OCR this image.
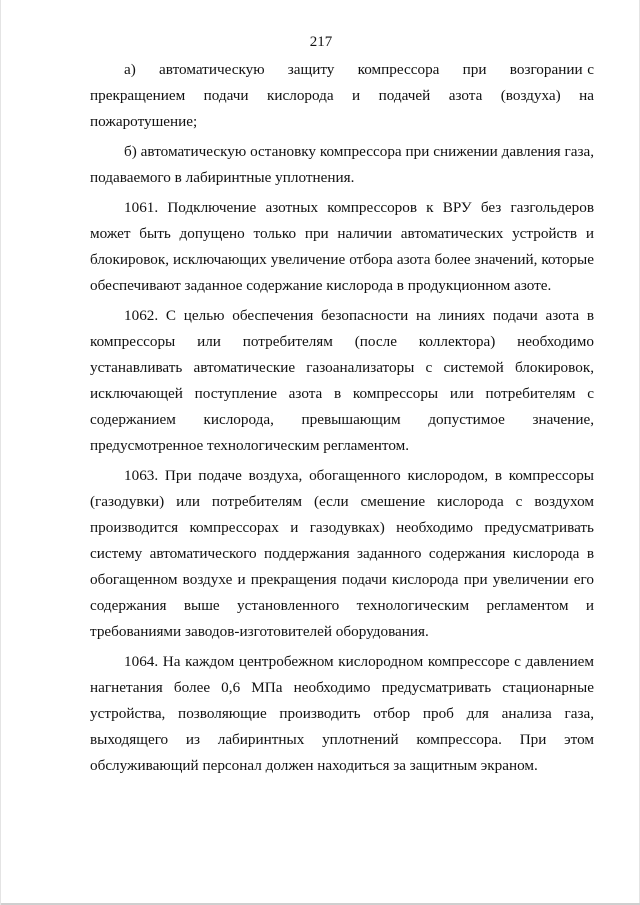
217

а)     автоматическую     защиту     компрессора     при     возгорании с прекращением подачи кислорода и подачей азота (воздуха) на пожаротушение;

б) автоматическую остановку компрессора при снижении давления газа, подаваемого в лабиринтные уплотнения.

1061. Подключение азотных компрессоров к ВРУ без газгольдеров может быть допущено только при наличии автоматических устройств и блокировок, исключающих увеличение отбора азота более значений, которые обеспечивают заданное содержание кислорода в продукционном азоте.

1062. С целью обеспечения безопасности на линиях подачи азота в компрессоры или потребителям (после коллектора) необходимо устанавливать автоматические газоанализаторы с системой блокировок, исключающей поступление азота в компрессоры или потребителям с содержанием кислорода, превышающим допустимое значение, предусмотренное технологическим регламентом.

1063. При подаче воздуха, обогащенного кислородом, в компрессоры (газодувки) или потребителям (если смешение кислорода с воздухом производится компрессорах и газодувках) необходимо предусматривать систему автоматического поддержания заданного содержания кислорода в обогащенном воздухе и прекращения подачи кислорода при увеличении его содержания выше установленного технологическим регламентом и требованиями заводов-изготовителей оборудования.

1064. На каждом центробежном кислородном компрессоре с давлением нагнетания более 0,6 МПа необходимо предусматривать стационарные устройства, позволяющие производить отбор проб для анализа газа, выходящего из лабиринтных уплотнений компрессора. При этом обслуживающий персонал должен находиться за защитным экраном.
